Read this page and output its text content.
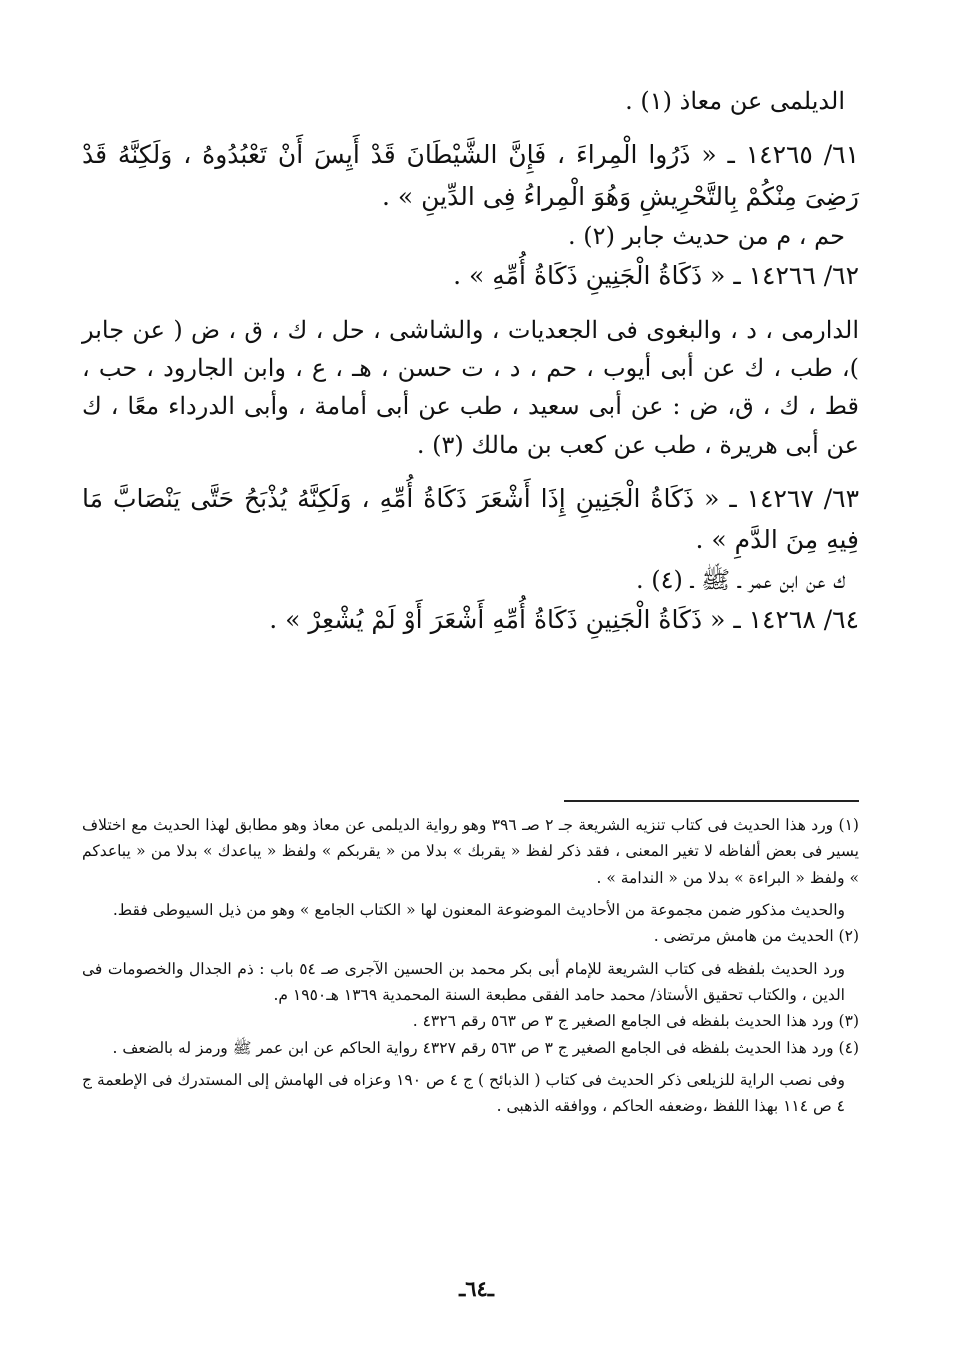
الديلمى عن معاذ (١) .

٦١/ ١٤٢٦٥ ـ « ذَرُوا الْمِراءَ ، فَإِنَّ الشَّيْطَانَ قَدْ أَيِسَ أَنْ تَعْبُدُوهُ ، وَلَكِنَّهُ قَدْ رَضِىَ مِنْكُمْ بِالتَّحْرِيشِ وَهُوَ الْمِراءُ فِى الدِّينِ » .

حم ، م من حديث جابر (٢) .

٦٢/ ١٤٢٦٦ ـ « ذَكَاةُ الْجَنِينِ ذَكَاةُ أُمِّهِ » .

الدارمى ، د ، والبغوى فى الجعديات ، والشاشى ، حل ، ك ، ق ، ض ( عن جابر )، طب ، ك عن أبى أيوب ، حم ، د ، ت حسن ، هـ ، ع ، وابن الجارود ، حب ، قط ، ك ، ق، ض : عن أبى سعيد ، طب عن أبى أمامة ، وأبى الدرداء معًا ، ك عن أبى هريرة ، طب عن كعب بن مالك (٣) .

٦٣/ ١٤٢٦٧ ـ « ذَكَاةُ الْجَنِينِ إِذَا أَشْعَرَ ذَكَاةُ أُمِّهِ ، وَلَكِنَّهُ يُذْبَحُ حَتَّى يَنْصَابَّ مَا فِيهِ مِنَ الدَّمِ » .

ك عن ابن عمر ـ ﷺ ـ (٤) .

٦٤/ ١٤٢٦٨ ـ « ذَكَاةُ الْجَنِينِ ذَكَاةُ أُمِّهِ أَشْعَرَ أَوْ لَمْ يُشْعِرْ » .

(١) ورد هذا الحديث فى كتاب تنزيه الشريعة جـ ٢ صـ ٣٩٦ وهو رواية الديلمى عن معاذ وهو مطابق لهذا الحديث مع اختلاف يسير فى بعض ألفاظه لا تغير المعنى ، فقد ذكر لفظ « يقربك » بدلا من « يقربكم » ولفظ « يباعدك » بدلا من « يباعدكم » ولفظ « البراءة » بدلا من « الندامة » .

والحديث مذكور ضمن مجموعة من الأحاديث الموضوعة المعنون لها « الكتاب الجامع » وهو من ذيل السيوطى فقط.

(٢) الحديث من هامش مرتضى .

ورد الحديث بلفظه فى كتاب الشريعة للإمام أبى بكر محمد بن الحسين الآجرى صـ ٥٤ باب : ذم الجدال والخصومات فى الدين ، والكتاب تحقيق الأستاذ/ محمد حامد الفقى مطبعة السنة المحمدية ١٣٦٩ هـ١٩٥٠ م.

(٣) ورد هذا الحديث بلفظه فى الجامع الصغير ج ٣ ص ٥٦٣ رقم ٤٣٢٦ .

(٤) ورد هذا الحديث بلفظه فى الجامع الصغير ج ٣ ص ٥٦٣ رقم ٤٣٢٧ رواية الحاكم عن ابن عمر ﷺ ورمز له بالضعف .

وفى نصب الراية للزيلعى ذكر الحديث فى كتاب ( الذبائح ) ج ٤ ص ١٩٠ وعزاه فى الهامش إلى المستدرك فى الإطعمة ج ٤ ص ١١٤ بهذا اللفظ ،وضعفه الحاكم ، ووافقه الذهبى .

ـ٦٤ـ
